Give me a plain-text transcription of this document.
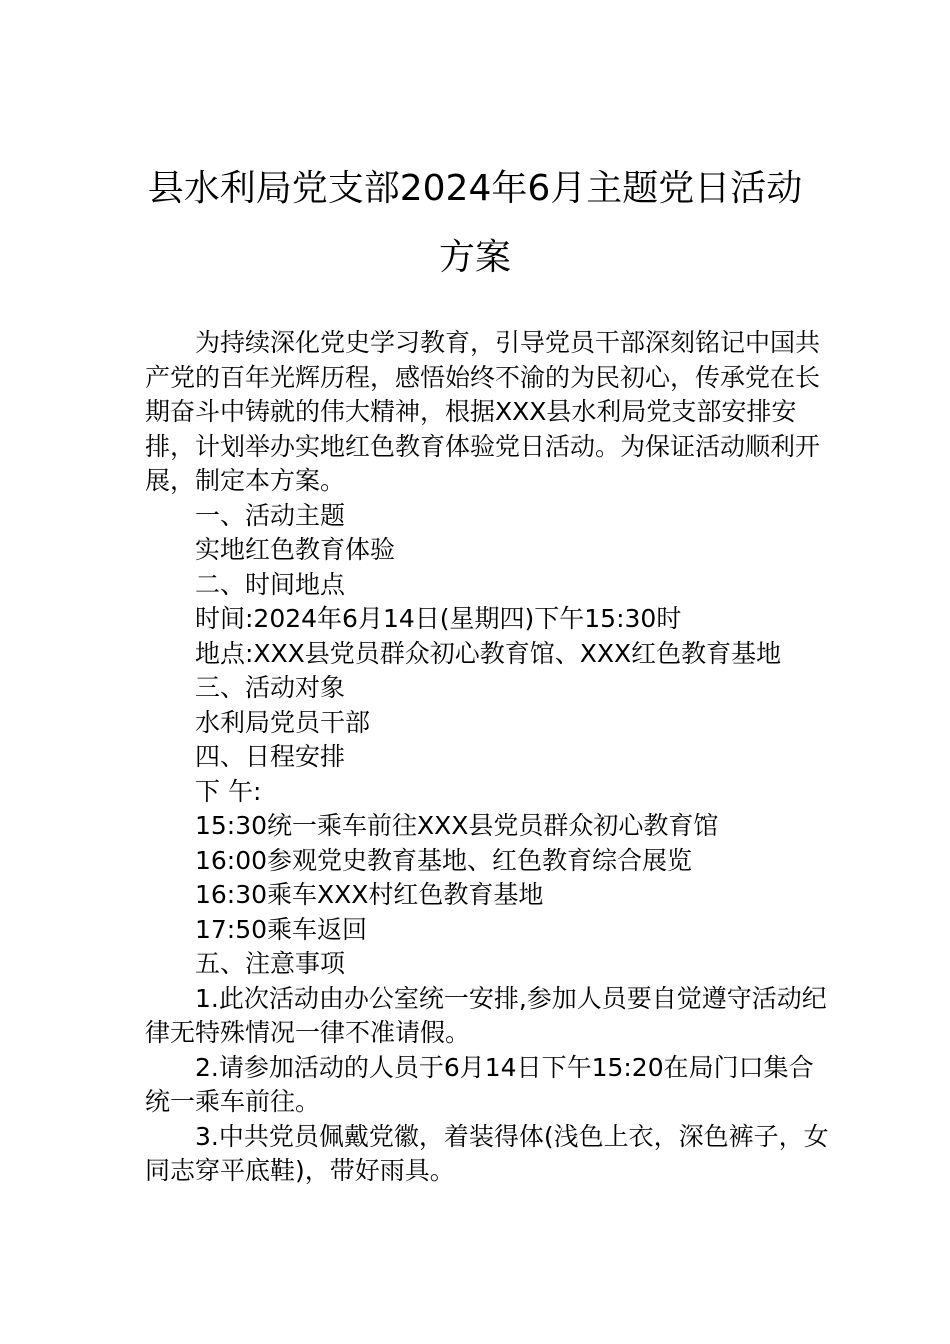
县水利局党支部2024年6月主题党日活动
方案

为持续深化党史学习教育，引导党员干部深刻铭记中国共产党的百年光辉历程，感悟始终不渝的为民初心，传承党在长期奋斗中铸就的伟大精神，根据XXX县水利局党支部安排安排，计划举办实地红色教育体验党日活动。为保证活动顺利开展，制定本方案。

一、活动主题

实地红色教育体验

二、时间地点

时间:2024年6月14日(星期四)下午15:30时

地点:XXX县党员群众初心教育馆、XXX红色教育基地

三、活动对象

水利局党员干部

四、日程安排

下 午:

15:30统一乘车前往XXX县党员群众初心教育馆

16:00参观党史教育基地、红色教育综合展览

16:30乘车XXX村红色教育基地

17:50乘车返回

五、注意事项

1.此次活动由办公室统一安排,参加人员要自觉遵守活动纪律无特殊情况一律不准请假。

2.请参加活动的人员于6月14日下午15:20在局门口集合统一乘车前往。

3.中共党员佩戴党徽，着装得体(浅色上衣，深色裤子，女同志穿平底鞋)，带好雨具。
